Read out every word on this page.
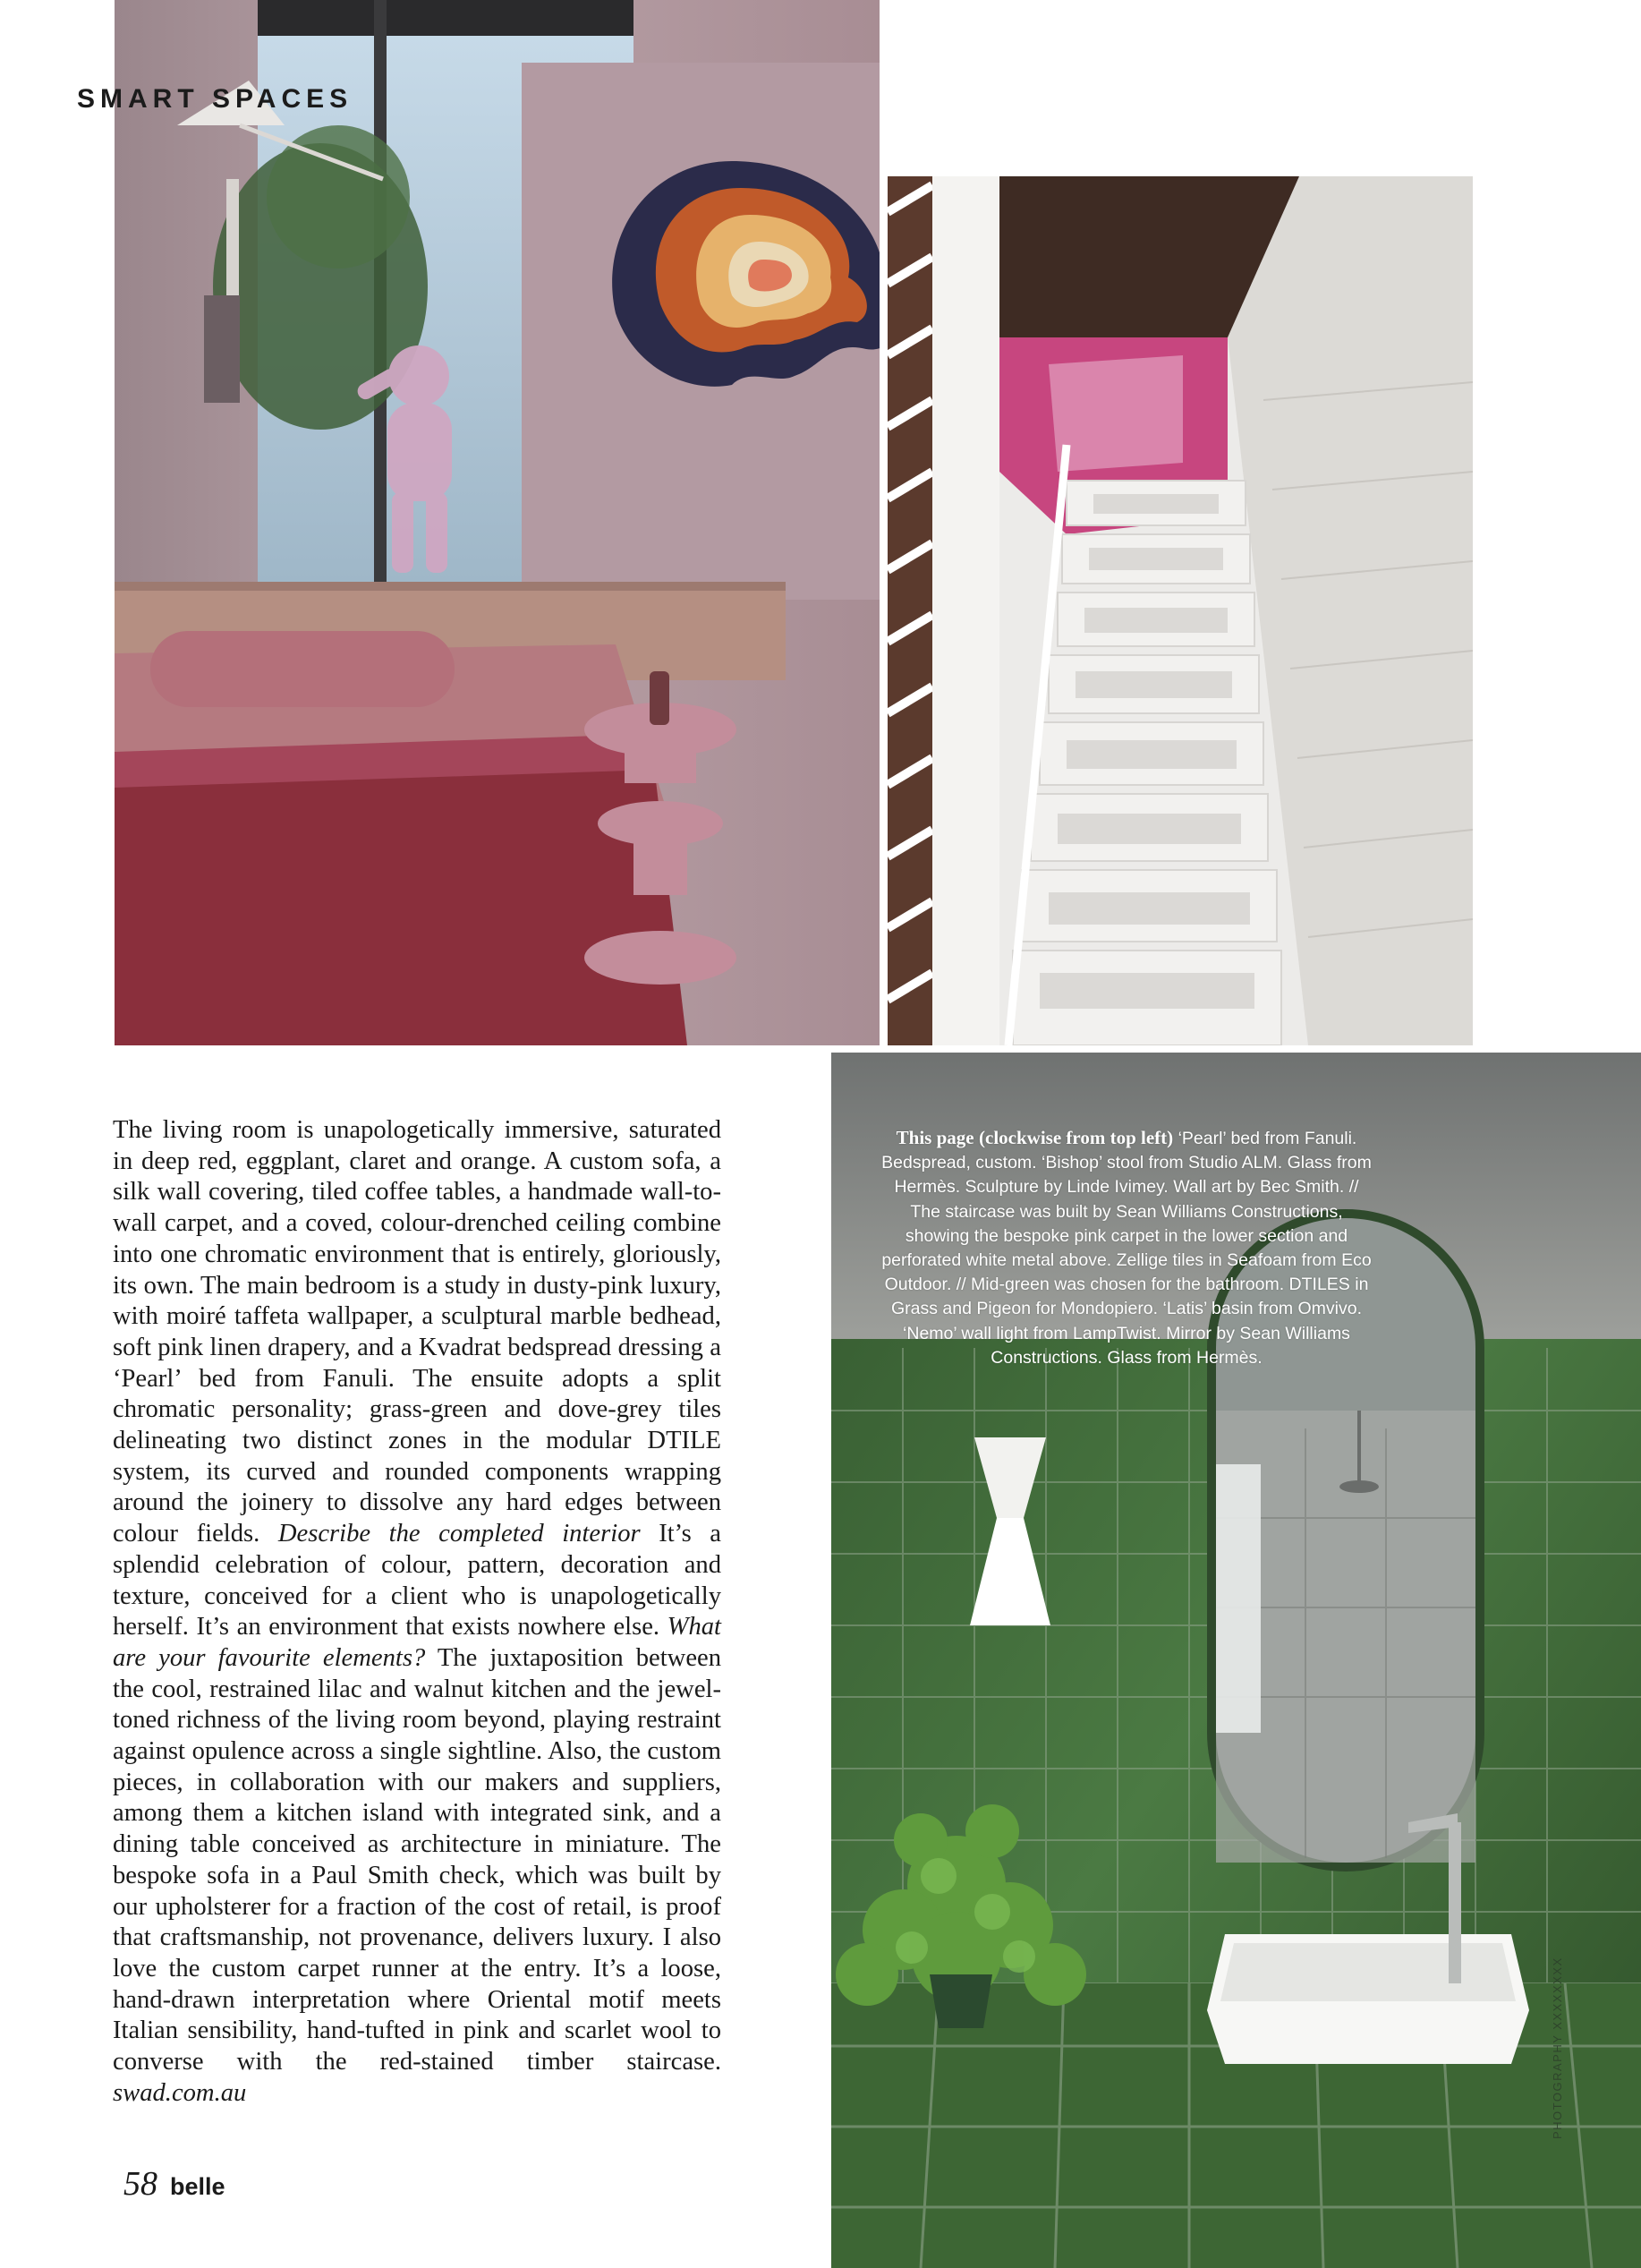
SMART SPACES
This page (clockwise from top left) ‘Pearl’ bed from Fanuli. Bedspread, custom. ‘Bishop’ stool from Studio ALM. Glass from Hermès. Sculpture by Linde Ivimey. Wall art by Bec Smith. // The staircase was built by Sean Williams Constructions, showing the bespoke pink carpet in the lower section and perforated white metal above. Zellige tiles in Seafoam from Eco Outdoor. // Mid-green was chosen for the bathroom. DTILES in Grass and Pigeon for Mondopiero. ‘Latis’ basin from Omvivo. ‘Nemo’ wall light from LampTwist. Mirror by Sean Williams Constructions. Glass from Hermès.
PHOTOGRAPHY XXXXXXXX
The living room is unapologetically immersive, saturated in deep red, eggplant, claret and orange. A custom sofa, a silk wall covering, tiled coffee tables, a handmade wall-to-wall carpet, and a coved, colour-drenched ceiling combine into one chromatic environment that is entirely, gloriously, its own. The main bedroom is a study in dusty-pink luxury, with moiré taffeta wallpaper, a sculptural marble bedhead, soft pink linen drapery, and a Kvadrat bedspread dressing a ‘Pearl’ bed from Fanuli. The ensuite adopts a split chromatic personality; grass-green and dove-grey tiles delineating two distinct zones in the modular DTILE system, its curved and rounded components wrapping around the joinery to dissolve any hard edges between colour fields. Describe the completed interior It’s a splendid celebration of colour, pattern, decoration and texture, conceived for a client who is unapologetically herself. It’s an environment that exists nowhere else. What are your favourite elements? The juxtaposition between the cool, restrained lilac and walnut kitchen and the jewel-toned richness of the living room beyond, playing restraint against opulence across a single sightline. Also, the custom pieces, in collaboration with our makers and suppliers, among them a kitchen island with integrated sink, and a dining table conceived as architecture in miniature. The bespoke sofa in a Paul Smith check, which was built by our upholsterer for a fraction of the cost of retail, is proof that craftsmanship, not provenance, delivers luxury. I also love the custom carpet runner at the entry. It’s a loose, hand-drawn interpretation where Oriental motif meets Italian sensibility, hand-tufted in pink and scarlet wool to converse with the red-stained timber staircase. swad.com.au
58 belle
